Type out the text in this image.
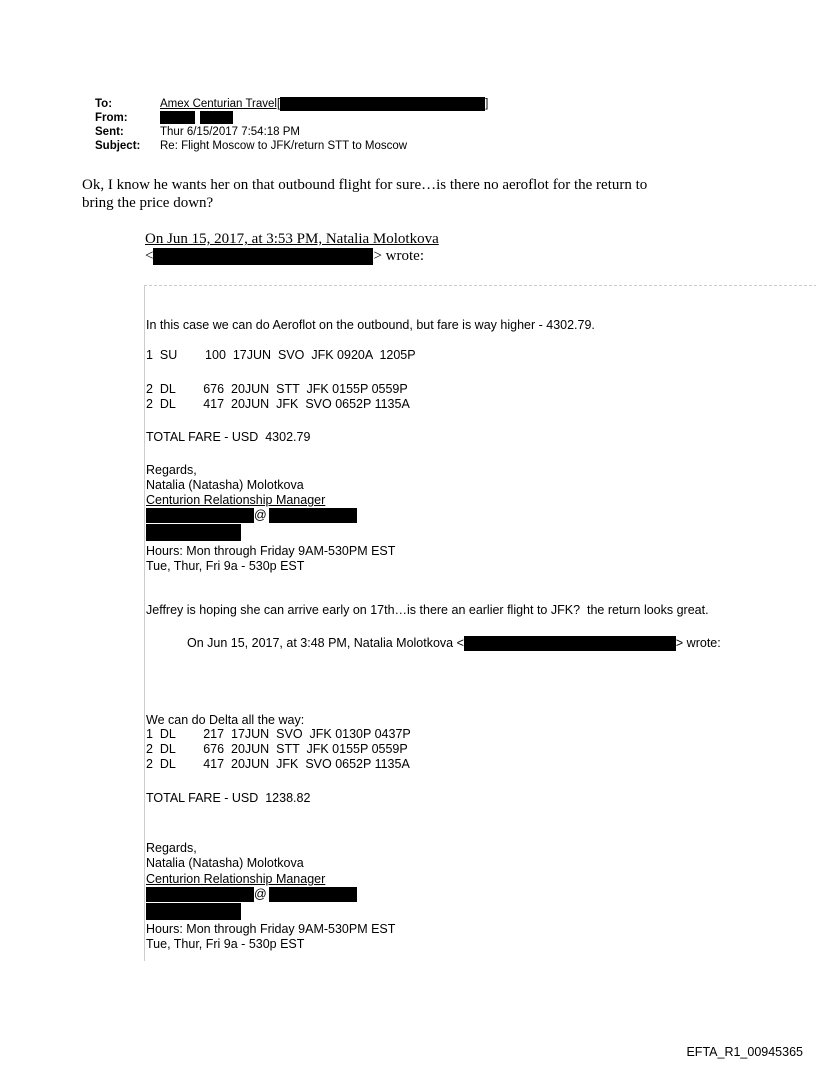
To:	Amex Centurian Travel[	]
From:
Sent:	Thur 6/15/2017 7:54:18 PM
Subject:	Re: Flight Moscow to JFK/return STT to Moscow
Ok, I know he wants her on that outbound flight for sure…is there no aeroflot for the return to
bring the price down?
On Jun 15, 2017, at 3:53 PM, Natalia Molotkova
<	> wrote:
In this case we can do Aeroflot on the outbound, but fare is way higher - 4302.79.
1  SU        100  17JUN  SVO  JFK 0920A  1205P
2  DL        676  20JUN  STT  JFK 0155P 0559P
2  DL        417  20JUN  JFK  SVO 0652P 1135A
TOTAL FARE - USD  4302.79
Regards,
Natalia (Natasha) Molotkova
Centurion Relationship Manager
@
Hours: Mon through Friday 9AM-530PM EST
Tue, Thur, Fri 9a - 530p EST
Jeffrey is hoping she can arrive early on 17th…is there an earlier flight to JFK?  the return looks great.
On Jun 15, 2017, at 3:48 PM, Natalia Molotkova <	> wrote:
We can do Delta all the way:
1  DL        217  17JUN  SVO  JFK 0130P 0437P
2  DL        676  20JUN  STT  JFK 0155P 0559P
2  DL        417  20JUN  JFK  SVO 0652P 1135A
TOTAL FARE - USD  1238.82
Regards,
Natalia (Natasha) Molotkova
Centurion Relationship Manager
@
Hours: Mon through Friday 9AM-530PM EST
Tue, Thur, Fri 9a - 530p EST
EFTA_R1_00945365
